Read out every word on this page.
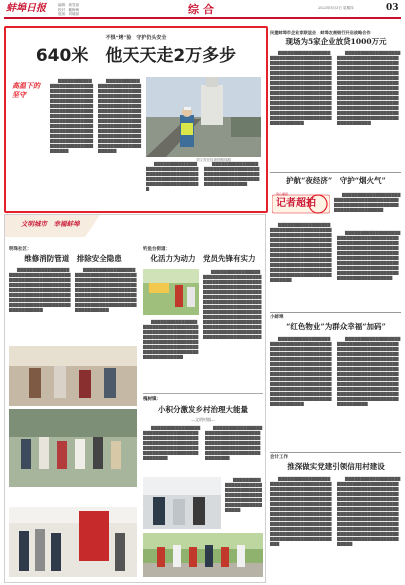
蚌埠日报	编辑：黄雪丽
校对：戴梅梅
组版：刘晓丽	综合	2023年8月3日 星期四	03
不惧“烤”验　守护仍头安全
640米　他天天走2万多步
高温下的坚守
　　▇▇▇▇▇▇▇▇▇▇▇▇▇▇▇▇▇▇▇▇▇▇▇▇▇▇▇▇▇▇▇▇▇▇▇▇▇▇▇▇▇▇▇▇▇▇▇▇▇▇▇▇▇▇▇▇▇▇▇▇▇▇▇▇▇▇▇▇▇▇▇▇▇▇▇▇▇▇▇▇▇▇▇▇▇▇▇▇▇▇▇▇▇▇▇▇▇▇▇▇▇▇▇▇▇▇▇▇▇▇▇▇▇▇▇▇▇▇▇▇▇▇▇▇▇▇▇▇▇▇▇▇▇▇▇▇▇▇▇▇▇▇▇▇▇▇▇▇▇▇▇▇▇▇▇▇▇▇▇▇▇▇▇▇▇▇▇▇▇▇▇▇▇▇▇▇▇▇▇▇▇▇▇▇▇▇▇▇▇▇▇▇▇▇▇▇▇▇▇
　　▇▇▇▇▇▇▇▇▇▇▇▇▇▇▇▇▇▇▇▇▇▇▇▇▇▇▇▇▇▇▇▇▇▇▇▇▇▇▇▇▇▇▇▇▇▇▇▇▇▇▇▇▇▇▇▇▇▇▇▇▇▇▇▇▇▇▇▇▇▇▇▇▇▇▇▇▇▇▇▇▇▇▇▇▇▇▇▇▇▇▇▇▇▇▇▇▇▇▇▇▇▇▇▇▇▇▇▇▇▇▇▇▇▇▇▇▇▇▇▇▇▇▇▇▇▇▇▇▇▇▇▇▇▇▇▇▇▇▇▇▇▇▇▇▇▇▇▇▇▇▇▇▇▇▇▇▇▇▇▇▇▇▇▇▇▇▇▇▇▇▇▇▇▇▇▇▇▇▇▇▇▇▇▇▇▇▇▇▇▇▇▇▇▇▇▇▇▇▇
　　▇▇▇▇▇▇▇▇▇▇▇▇▇▇▇▇▇▇▇▇▇▇▇▇▇▇▇▇▇▇▇▇▇▇▇▇▇▇▇▇▇▇▇▇▇▇▇▇▇▇▇▇▇▇▇▇▇▇▇▇▇▇▇▇▇▇▇▇▇▇▇▇▇▇▇▇▇▇▇▇▇▇▇
　　▇▇▇▇▇▇▇▇▇▇▇▇▇▇▇▇▇▇▇▇▇▇▇▇▇▇▇▇▇▇▇▇▇▇▇▇▇▇▇▇▇▇▇▇▇▇▇▇▇▇▇▇▇▇▇▇▇▇▇▇▇▇▇▇▇▇▇▇▇▇▇▇▇▇▇▇▇▇▇▇▇▇▇
刘文亮在检查铁路线路
民建蚌埠市企业家联谊会　蚌埠农商银行开启战略合作
现场为5家企业放贷1000万元
　　▇▇▇▇▇▇▇▇▇▇▇▇▇▇▇▇▇▇▇▇▇▇▇▇▇▇▇▇▇▇▇▇▇▇▇▇▇▇▇▇▇▇▇▇▇▇▇▇▇▇▇▇▇▇▇▇▇▇▇▇▇▇▇▇▇▇▇▇▇▇▇▇▇▇▇▇▇▇▇▇▇▇▇▇▇▇▇▇▇▇▇▇▇▇▇▇▇▇▇▇▇▇▇▇▇▇▇▇▇▇▇▇▇▇▇▇▇▇▇▇▇▇▇▇▇▇▇▇▇▇▇▇▇▇▇▇▇▇▇▇▇▇▇▇▇▇▇▇▇▇▇▇▇▇▇▇▇▇▇▇▇▇▇▇▇▇▇▇▇▇▇▇▇▇▇▇▇▇▇▇▇▇▇▇▇▇▇▇▇▇▇▇▇▇▇▇▇▇▇▇▇▇▇▇▇▇▇▇▇▇▇▇▇▇▇▇▇▇▇▇▇▇▇▇▇▇▇▇▇▇▇▇▇▇▇▇▇▇▇▇▇▇▇▇▇▇▇▇▇▇▇▇▇▇▇▇▇▇▇▇▇▇▇▇▇▇▇▇▇▇▇▇▇▇▇▇▇▇▇▇▇▇▇▇▇▇▇▇
　　▇▇▇▇▇▇▇▇▇▇▇▇▇▇▇▇▇▇▇▇▇▇▇▇▇▇▇▇▇▇▇▇▇▇▇▇▇▇▇▇▇▇▇▇▇▇▇▇▇▇▇▇▇▇▇▇▇▇▇▇▇▇▇▇▇▇▇▇▇▇▇▇▇▇▇▇▇▇▇▇▇▇▇▇▇▇▇▇▇▇▇▇▇▇▇▇▇▇▇▇▇▇▇▇▇▇▇▇▇▇▇▇▇▇▇▇▇▇▇▇▇▇▇▇▇▇▇▇▇▇▇▇▇▇▇▇▇▇▇▇▇▇▇▇▇▇▇▇▇▇▇▇▇▇▇▇▇▇▇▇▇▇▇▇▇▇▇▇▇▇▇▇▇▇▇▇▇▇▇▇▇▇▇▇▇▇▇▇▇▇▇▇▇▇▇▇▇▇▇▇▇▇▇▇▇▇▇▇▇▇▇▇▇▇▇▇▇▇▇▇▇▇▇▇▇▇▇▇▇▇▇▇▇▇▇▇▇▇▇▇▇▇▇▇▇▇▇▇▇▇▇▇▇▇▇▇▇▇▇▇▇▇▇▇▇▇▇▇▇▇▇▇▇▇▇▇▇▇▇▇▇▇▇▇▇▇▇▇▇
护航“夜经济”　守护“烟火气”
记者超拍
用心捕捉	　　▇▇▇▇▇▇▇▇▇▇▇▇▇▇▇▇▇▇▇▇▇▇▇▇▇▇▇▇▇▇▇▇▇▇▇▇▇▇▇▇▇▇▇▇▇▇▇▇▇▇▇▇▇▇▇▇▇▇▇▇▇▇▇▇▇▇▇▇▇▇▇▇▇▇▇▇▇
　　▇▇▇▇▇▇▇▇▇▇▇▇▇▇▇▇▇▇▇▇▇▇▇▇▇▇▇▇▇▇▇▇▇▇▇▇▇▇▇▇▇▇▇▇▇▇▇▇▇▇▇▇▇▇▇▇▇▇▇▇▇▇▇▇▇▇▇▇▇▇▇▇▇▇▇▇▇▇▇▇▇▇▇▇▇▇▇▇▇▇▇▇▇▇▇▇▇▇▇▇▇▇▇▇▇▇▇▇▇▇▇▇▇▇▇▇▇▇▇▇▇▇▇▇▇▇▇▇▇▇▇▇▇▇▇▇▇▇▇▇▇▇▇▇▇▇▇▇▇▇▇▇▇▇▇▇▇▇▇▇▇▇▇▇▇▇▇▇▇▇▇▇▇▇▇▇▇▇▇▇▇▇▇▇▇▇▇▇▇▇▇▇▇▇▇▇▇▇▇▇▇▇▇▇▇▇▇▇▇▇▇▇▇▇▇▇▇▇▇▇▇▇▇▇
　　▇▇▇▇▇▇▇▇▇▇▇▇▇▇▇▇▇▇▇▇▇▇▇▇▇▇▇▇▇▇▇▇▇▇▇▇▇▇▇▇▇▇▇▇▇▇▇▇▇▇▇▇▇▇▇▇▇▇▇▇▇▇▇▇▇▇▇▇▇▇▇▇▇▇▇▇▇▇▇▇▇▇▇▇▇▇▇▇▇▇▇▇▇▇▇▇▇▇▇▇▇▇▇▇▇▇▇▇▇▇▇▇▇▇▇▇▇▇▇▇▇▇▇▇▇▇▇▇▇▇▇▇▇▇▇▇▇▇▇▇▇▇▇▇▇▇▇▇▇▇▇▇▇▇▇▇▇▇▇▇▇▇▇▇▇▇▇▇▇▇▇▇▇▇▇▇▇▇▇▇▇▇▇▇▇▇▇▇▇▇▇▇▇▇▇▇
小蚌埠
“红色物业”为群众幸福“加码”
　　▇▇▇▇▇▇▇▇▇▇▇▇▇▇▇▇▇▇▇▇▇▇▇▇▇▇▇▇▇▇▇▇▇▇▇▇▇▇▇▇▇▇▇▇▇▇▇▇▇▇▇▇▇▇▇▇▇▇▇▇▇▇▇▇▇▇▇▇▇▇▇▇▇▇▇▇▇▇▇▇▇▇▇▇▇▇▇▇▇▇▇▇▇▇▇▇▇▇▇▇▇▇▇▇▇▇▇▇▇▇▇▇▇▇▇▇▇▇▇▇▇▇▇▇▇▇▇▇▇▇▇▇▇▇▇▇▇▇▇▇▇▇▇▇▇▇▇▇▇▇▇▇▇▇▇▇▇▇▇▇▇▇▇▇▇▇▇▇▇▇▇▇▇▇▇▇▇▇▇▇▇▇▇▇▇▇▇▇▇▇▇▇▇▇▇▇▇▇▇▇▇▇▇▇▇▇▇▇▇▇▇▇▇▇▇▇▇▇▇▇▇▇▇▇▇▇▇▇▇▇▇▇▇▇▇▇▇▇▇▇▇▇▇▇▇▇▇▇▇▇▇▇▇▇▇▇▇▇▇▇▇▇▇▇▇▇▇▇
　　▇▇▇▇▇▇▇▇▇▇▇▇▇▇▇▇▇▇▇▇▇▇▇▇▇▇▇▇▇▇▇▇▇▇▇▇▇▇▇▇▇▇▇▇▇▇▇▇▇▇▇▇▇▇▇▇▇▇▇▇▇▇▇▇▇▇▇▇▇▇▇▇▇▇▇▇▇▇▇▇▇▇▇▇▇▇▇▇▇▇▇▇▇▇▇▇▇▇▇▇▇▇▇▇▇▇▇▇▇▇▇▇▇▇▇▇▇▇▇▇▇▇▇▇▇▇▇▇▇▇▇▇▇▇▇▇▇▇▇▇▇▇▇▇▇▇▇▇▇▇▇▇▇▇▇▇▇▇▇▇▇▇▇▇▇▇▇▇▇▇▇▇▇▇▇▇▇▇▇▇▇▇▇▇▇▇▇▇▇▇▇▇▇▇▇▇▇▇▇▇▇▇▇▇▇▇▇▇▇▇▇▇▇▇▇▇▇▇▇▇▇▇▇▇▇▇▇▇▇▇▇▇▇▇▇▇▇▇▇▇▇▇▇▇▇▇▇▇▇▇▇▇▇▇▇▇▇▇▇▇▇▇▇▇▇▇▇▇
会计工作
推深做实党建引领信用村建设
　　▇▇▇▇▇▇▇▇▇▇▇▇▇▇▇▇▇▇▇▇▇▇▇▇▇▇▇▇▇▇▇▇▇▇▇▇▇▇▇▇▇▇▇▇▇▇▇▇▇▇▇▇▇▇▇▇▇▇▇▇▇▇▇▇▇▇▇▇▇▇▇▇▇▇▇▇▇▇▇▇▇▇▇▇▇▇▇▇▇▇▇▇▇▇▇▇▇▇▇▇▇▇▇▇▇▇▇▇▇▇▇▇▇▇▇▇▇▇▇▇▇▇▇▇▇▇▇▇▇▇▇▇▇▇▇▇▇▇▇▇▇▇▇▇▇▇▇▇▇▇▇▇▇▇▇▇▇▇▇▇▇▇▇▇▇▇▇▇▇▇▇▇▇▇▇▇▇▇▇▇▇▇▇▇▇▇▇▇▇▇▇▇▇▇▇▇▇▇▇▇▇▇▇▇▇▇▇▇▇▇▇▇▇▇▇▇▇▇▇▇▇▇▇▇▇▇▇▇▇▇▇▇▇▇▇▇▇▇▇▇▇▇▇▇▇▇▇▇▇▇▇▇▇▇▇▇▇▇▇▇
　　▇▇▇▇▇▇▇▇▇▇▇▇▇▇▇▇▇▇▇▇▇▇▇▇▇▇▇▇▇▇▇▇▇▇▇▇▇▇▇▇▇▇▇▇▇▇▇▇▇▇▇▇▇▇▇▇▇▇▇▇▇▇▇▇▇▇▇▇▇▇▇▇▇▇▇▇▇▇▇▇▇▇▇▇▇▇▇▇▇▇▇▇▇▇▇▇▇▇▇▇▇▇▇▇▇▇▇▇▇▇▇▇▇▇▇▇▇▇▇▇▇▇▇▇▇▇▇▇▇▇▇▇▇▇▇▇▇▇▇▇▇▇▇▇▇▇▇▇▇▇▇▇▇▇▇▇▇▇▇▇▇▇▇▇▇▇▇▇▇▇▇▇▇▇▇▇▇▇▇▇▇▇▇▇▇▇▇▇▇▇▇▇▇▇▇▇▇▇▇▇▇▇▇▇▇▇▇▇▇▇▇▇▇▇▇▇▇▇▇▇▇▇▇▇▇▇▇▇▇▇▇▇▇▇▇▇▇▇▇▇▇▇▇▇▇▇▇▇▇▇▇▇▇▇▇▇▇▇▇▇▇▇▇
文明城市　幸福蚌埠
明珠社区：
维修消防管道　排除安全隐患
　　▇▇▇▇▇▇▇▇▇▇▇▇▇▇▇▇▇▇▇▇▇▇▇▇▇▇▇▇▇▇▇▇▇▇▇▇▇▇▇▇▇▇▇▇▇▇▇▇▇▇▇▇▇▇▇▇▇▇▇▇▇▇▇▇▇▇▇▇▇▇▇▇▇▇▇▇▇▇▇▇▇▇▇▇▇▇▇▇▇▇▇▇▇▇▇▇▇▇▇▇▇▇▇▇▇▇▇▇▇▇▇▇▇▇▇▇▇▇▇▇▇▇▇▇▇▇▇▇▇▇▇▇▇▇▇▇▇▇▇▇▇▇▇▇▇▇▇▇▇▇▇▇▇▇▇▇▇▇▇▇▇▇▇▇▇▇▇▇
　　▇▇▇▇▇▇▇▇▇▇▇▇▇▇▇▇▇▇▇▇▇▇▇▇▇▇▇▇▇▇▇▇▇▇▇▇▇▇▇▇▇▇▇▇▇▇▇▇▇▇▇▇▇▇▇▇▇▇▇▇▇▇▇▇▇▇▇▇▇▇▇▇▇▇▇▇▇▇▇▇▇▇▇▇▇▇▇▇▇▇▇▇▇▇▇▇▇▇▇▇▇▇▇▇▇▇▇▇▇▇▇▇▇▇▇▇▇▇▇▇▇▇▇▇▇▇▇▇▇▇▇▇▇▇▇▇▇▇▇▇▇▇▇▇▇▇▇▇▇▇▇▇▇▇▇▇▇▇▇▇▇▇▇▇▇▇▇▇
钓鱼台街道：
化活力为动力　党员先锋有实力
　　▇▇▇▇▇▇▇▇▇▇▇▇▇▇▇▇▇▇▇▇▇▇▇▇▇▇▇▇▇▇▇▇▇▇▇▇▇▇▇▇▇▇▇▇▇▇▇▇▇▇▇▇▇▇▇▇▇▇▇▇▇▇▇▇▇▇▇▇▇▇▇▇▇▇▇▇▇▇▇▇▇▇▇▇▇▇▇▇▇▇▇▇▇▇▇▇▇▇▇▇▇▇▇▇▇▇▇▇▇▇▇▇▇▇▇▇▇▇▇▇▇▇▇▇▇▇▇▇▇▇▇▇▇▇▇▇▇▇▇▇▇▇▇▇▇▇▇▇▇▇▇▇▇▇▇▇▇▇▇▇▇▇▇▇▇▇▇▇▇▇▇▇▇▇▇▇▇▇▇▇▇▇▇▇▇▇▇▇▇▇▇▇▇▇▇▇▇▇▇▇▇▇▇▇▇▇▇▇▇▇▇▇▇▇▇▇▇▇▇▇▇▇▇▇▇▇▇▇▇▇▇▇▇▇▇▇▇▇▇▇▇▇▇▇▇▇▇▇▇▇▇▇▇▇▇▇▇▇▇▇▇▇▇
　　▇▇▇▇▇▇▇▇▇▇▇▇▇▇▇▇▇▇▇▇▇▇▇▇▇▇▇▇▇▇▇▇▇▇▇▇▇▇▇▇▇▇▇▇▇▇▇▇▇▇▇▇▇▇▇▇▇▇▇▇▇▇▇▇▇▇▇▇▇▇▇▇▇▇▇▇▇▇▇▇▇▇▇▇▇▇▇▇▇▇▇▇▇▇▇▇▇▇▇▇▇▇▇▇▇▇▇▇▇▇▇▇▇▇▇▇▇▇▇▇▇▇▇▇▇▇▇▇▇▇▇▇▇▇▇▇
槐树镇：
小积分激发乡村治理大能量
—文明村镇—
　　▇▇▇▇▇▇▇▇▇▇▇▇▇▇▇▇▇▇▇▇▇▇▇▇▇▇▇▇▇▇▇▇▇▇▇▇▇▇▇▇▇▇▇▇▇▇▇▇▇▇▇▇▇▇▇▇▇▇▇▇▇▇▇▇▇▇▇▇▇▇▇▇▇▇▇▇▇▇▇▇▇▇▇▇▇▇▇▇▇▇▇▇▇▇▇▇▇▇▇▇▇▇▇▇▇▇▇▇▇▇▇▇▇▇
　　▇▇▇▇▇▇▇▇▇▇▇▇▇▇▇▇▇▇▇▇▇▇▇▇▇▇▇▇▇▇▇▇▇▇▇▇▇▇▇▇▇▇▇▇▇▇▇▇▇▇▇▇▇▇▇▇▇▇▇▇▇▇▇▇▇▇▇▇▇▇▇▇▇▇▇▇▇▇▇▇▇▇▇▇▇▇▇▇▇▇▇▇▇▇▇▇▇▇▇▇▇▇▇▇▇▇▇▇▇▇▇▇▇▇
　　▇▇▇▇▇▇▇▇▇▇▇▇▇▇▇▇▇▇▇▇▇▇▇▇▇▇▇▇▇▇▇▇▇▇▇▇▇▇▇▇▇▇▇▇▇▇▇▇▇▇▇▇▇▇▇▇▇▇▇▇▇▇▇▇▇▇▇▇▇▇▇▇▇▇
